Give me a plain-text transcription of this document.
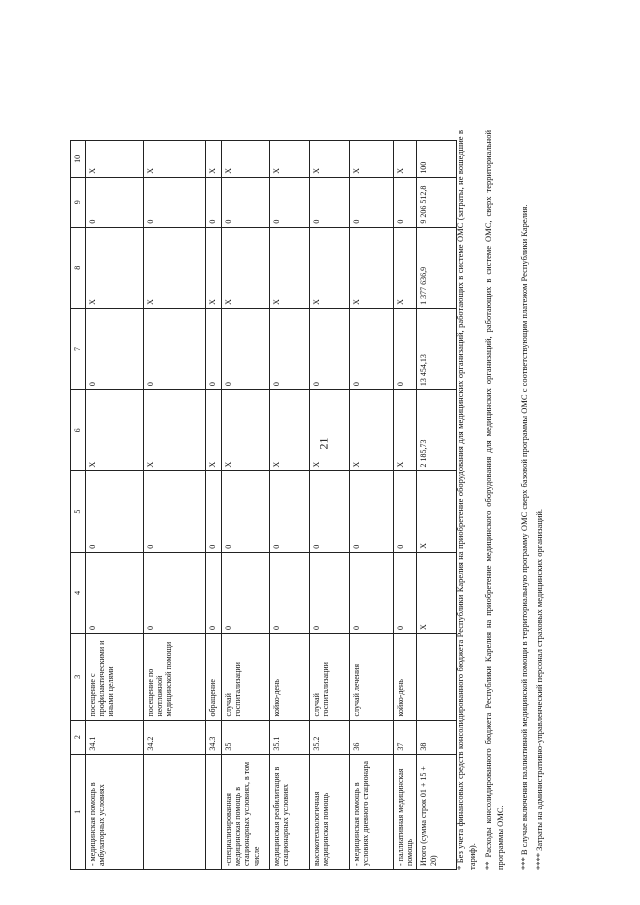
21
1	2	3	4	5	6	7	8	9	10
- медицинская помощь в амбулаторных условиях	34.1	посещение с профилактическими и иными целями	0	0	X	0	X	0	X
	34.2	посещение по неотложной медицинской помощи	0	0	X	0	X	0	X
	34.3	обращение	0	0	X	0	X	0	X
-специализированная медицинская помощь в стационарных условиях, в том числе	35	случай госпитализации	0	0	X	0	X	0	X
медицинская реабилитация в стационарных условиях	35.1	койко-день	0	0	X	0	X	0	X
высокотехнологичная медицинская помощь	35.2	случай госпитализации	0	0	X	0	X	0	X
- медицинская помощь в условиях дневного стационара	36	случай лечения	0	0	X	0	X	0	X
- паллиативная медицинская помощь	37	койко-день	0	0	X	0	X	0	X
Итого (сумма строк 01 + 15 + 20)	38		X	X	2 185,73	13 454,13	1 377 636,9	9 206 512,8	100	* Без учета финансовых средств консолидированного бюджета Республики Карелия на приобретение оборудования для медицинских организаций, работающих в системе ОМС (затраты, не вошедшие в тариф). ** Расходы консолидированного бюджета Республики Карелия на приобретение медицинского оборудования для медицинских организаций, работающих в системе ОМС, сверх территориальной программы ОМС. *** В случае включения паллиативной медицинской помощи в территориальную программу ОМС сверх базовой программы ОМС с соответствующим платежом Республики Карелия. **** Затраты на административно-управленческий персонал страховых медицинских организаций.
